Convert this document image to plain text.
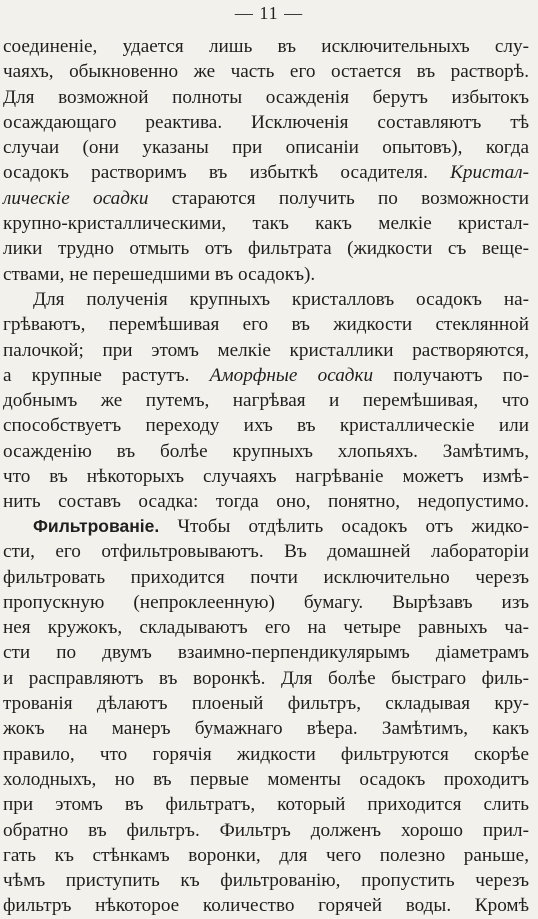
— 11 —
соединеніе, удается лишь въ исключительныхъ слу-
чаяхъ, обыкновенно же часть его остается въ растворѣ.
Для возможной полноты осажденія берутъ избытокъ
осаждающаго реактива. Исключенія составляютъ тѣ
случаи (они указаны при описаніи опытовъ), когда
осадокъ растворимъ въ избыткѣ осадителя. Кристал-
лическіе осадки стараются получить по возможности
крупно-кристаллическими, такъ какъ мелкіе кристал-
лики трудно отмыть отъ фильтрата (жидкости съ веще-
ствами, не перешедшими въ осадокъ).
Для полученія крупныхъ кристалловъ осадокъ на-
грѣваютъ, перемѣшивая его въ жидкости стеклянной
палочкой; при этомъ мелкіе кристаллики растворяются,
а крупные растутъ. Аморфные осадки получаютъ по-
добнымъ же путемъ, нагрѣвая и перемѣшивая, что
способствуетъ переходу ихъ въ кристаллическіе или
осажденію въ болѣе крупныхъ хлопьяхъ. Замѣтимъ,
что въ нѣкоторыхъ случаяхъ нагрѣваніе можетъ измѣ-
нить составъ осадка: тогда оно, понятно, недопустимо.
Фильтрованіе. Чтобы отдѣлить осадокъ отъ жидко-
сти, его отфильтровываютъ. Въ домашней лабораторіи
фильтровать приходится почти исключительно черезъ
пропускную (непроклеенную) бумагу. Вырѣзавъ изъ
нея кружокъ, складываютъ его на четыре равныхъ ча-
сти по двумъ взаимно-перпендикулярымъ діаметрамъ
и расправляютъ въ воронкѣ. Для болѣе быстраго филь-
трованія дѣлаютъ плоеный фильтръ, складывая кру-
жокъ на манеръ бумажнаго вѣера. Замѣтимъ, какъ
правило, что горячія жидкости фильтруются скорѣе
холодныхъ, но въ первые моменты осадокъ проходитъ
при этомъ въ фильтратъ, который приходится слить
обратно въ фильтръ. Фильтръ долженъ хорошо прил-
гать къ стѣнкамъ воронки, для чего полезно раньше,
чѣмъ приступить къ фильтрованію, пропустить черезъ
фильтръ нѣкоторое количество горячей воды. Кромѣ
